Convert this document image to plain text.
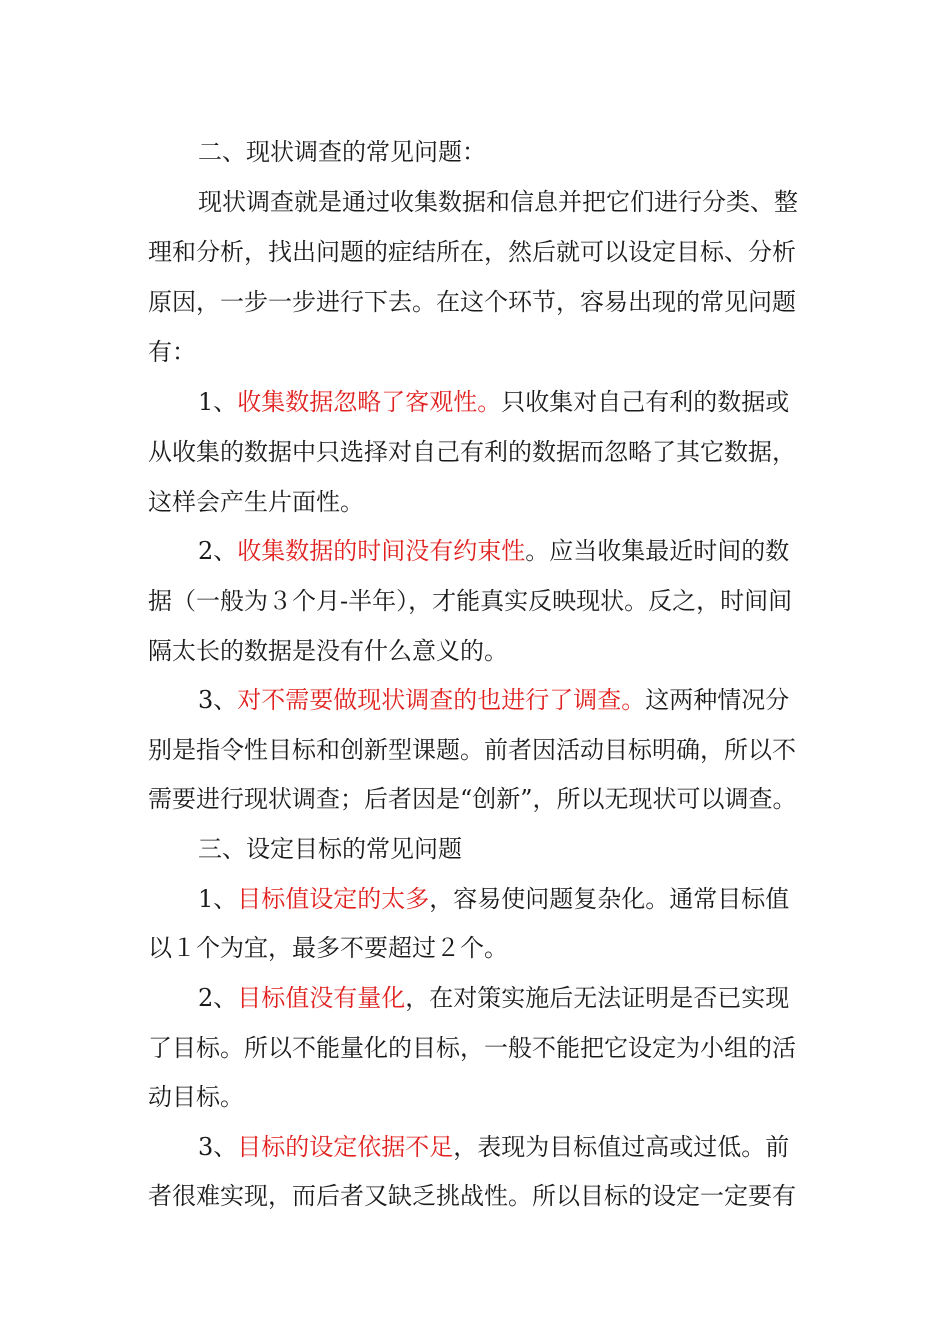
二、现状调查的常见问题：
现状调查就是通过收集数据和信息并把它们进行分类、整
理和分析，找出问题的症结所在，然后就可以设定目标、分析
原因，一步一步进行下去。在这个环节，容易出现的常见问题
有：
1、收集数据忽略了客观性。只收集对自己有利的数据或
从收集的数据中只选择对自己有利的数据而忽略了其它数据，
这样会产生片面性。
2、收集数据的时间没有约束性。应当收集最近时间的数
据（一般为３个月-半年），才能真实反映现状。反之，时间间
隔太长的数据是没有什么意义的。
3、对不需要做现状调查的也进行了调查。这两种情况分
别是指令性目标和创新型课题。前者因活动目标明确，所以不
需要进行现状调查；后者因是“创新”，所以无现状可以调查。
三、设定目标的常见问题
1、目标值设定的太多，容易使问题复杂化。通常目标值
以１个为宜，最多不要超过２个。
2、目标值没有量化，在对策实施后无法证明是否已实现
了目标。所以不能量化的目标，一般不能把它设定为小组的活
动目标。
3、目标的设定依据不足，表现为目标值过高或过低。前
者很难实现，而后者又缺乏挑战性。所以目标的设定一定要有
